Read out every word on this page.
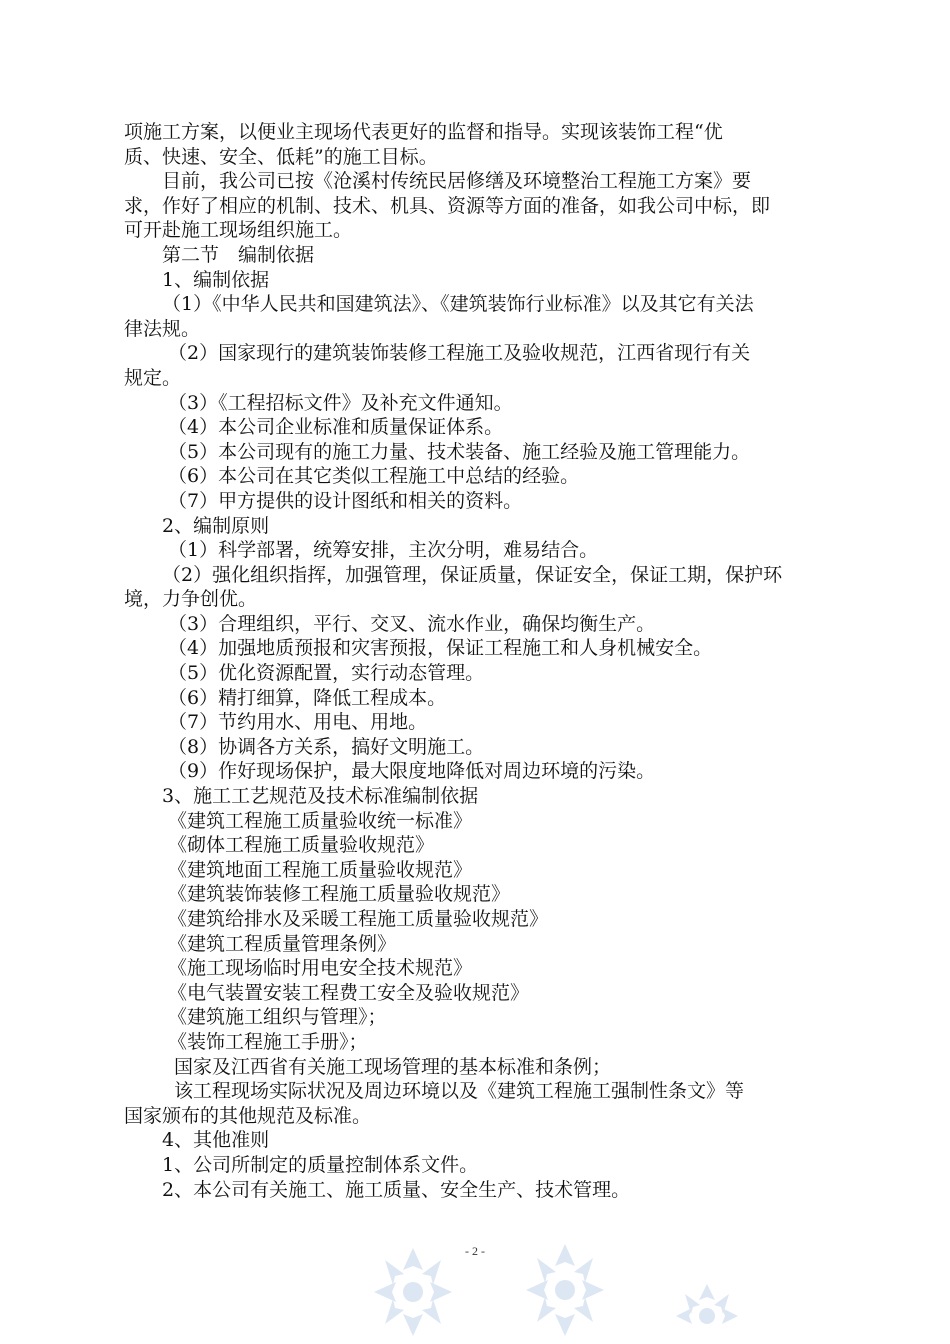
项施工方案，以便业主现场代表更好的监督和指导。实现该装饰工程“优
质、快速、安全、低耗”的施工目标。
目前，我公司已按《沧溪村传统民居修缮及环境整治工程施工方案》要
求，作好了相应的机制、技术、机具、资源等方面的准备，如我公司中标，即
可开赴施工现场组织施工。
第二节　编制依据
1、编制依据
（1）《中华人民共和国建筑法》、《建筑装饰行业标准》以及其它有关法
律法规。
（2）国家现行的建筑装饰装修工程施工及验收规范，江西省现行有关
规定。
（3）《工程招标文件》及补充文件通知。
（4）本公司企业标准和质量保证体系。
（5）本公司现有的施工力量、技术装备、施工经验及施工管理能力。
（6）本公司在其它类似工程施工中总结的经验。
（7）甲方提供的设计图纸和相关的资料。
2、编制原则
（1）科学部署，统筹安排，主次分明，难易结合。
（2）强化组织指挥，加强管理，保证质量，保证安全，保证工期，保护环
境，力争创优。
（3）合理组织，平行、交叉、流水作业，确保均衡生产。
（4）加强地质预报和灾害预报，保证工程施工和人身机械安全。
（5）优化资源配置，实行动态管理。
（6）精打细算，降低工程成本。
（7）节约用水、用电、用地。
（8）协调各方关系，搞好文明施工。
（9）作好现场保护，最大限度地降低对周边环境的污染。
3、施工工艺规范及技术标准编制依据
《建筑工程施工质量验收统一标准》
《砌体工程施工质量验收规范》
《建筑地面工程施工质量验收规范》
《建筑装饰装修工程施工质量验收规范》
《建筑给排水及采暖工程施工质量验收规范》
《建筑工程质量管理条例》
《施工现场临时用电安全技术规范》
《电气装置安装工程费工安全及验收规范》
《建筑施工组织与管理》；
《装饰工程施工手册》；
国家及江西省有关施工现场管理的基本标准和条例；
该工程现场实际状况及周边环境以及《建筑工程施工强制性条文》等
国家颁布的其他规范及标准。
4、其他准则
1、公司所制定的质量控制体系文件。
2、本公司有关施工、施工质量、安全生产、技术管理。
- 2 -
